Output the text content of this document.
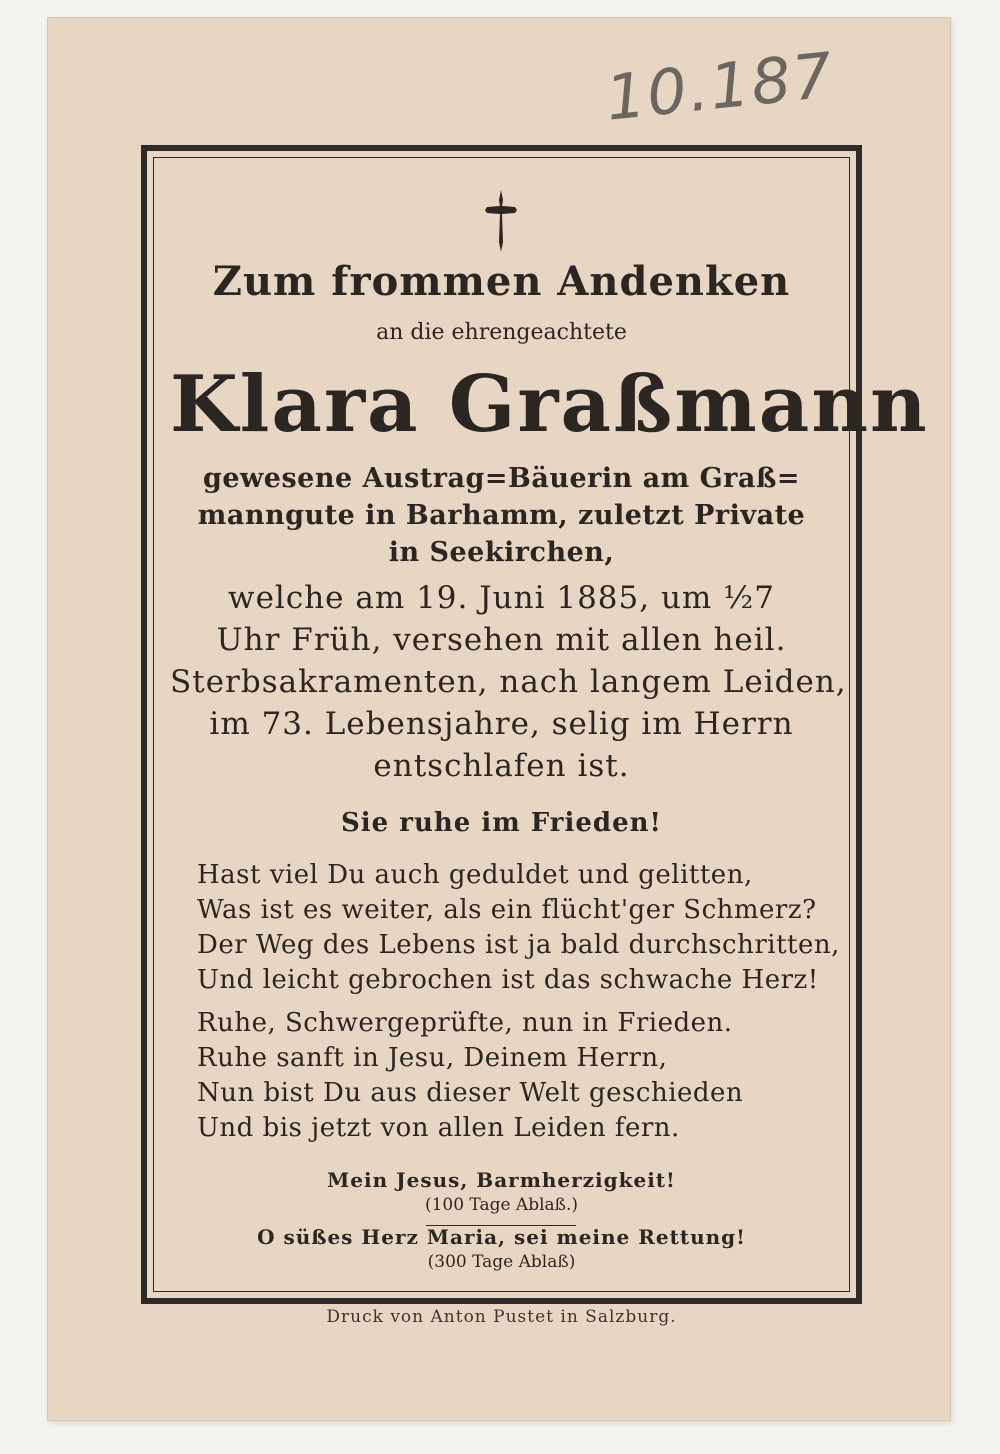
10.187

Zum frommen Andenken

an die ehrengeachtete

Klara Graßmann

gewesene Austrag=Bäuerin am Graß=

manngute in Barhamm, zuletzt Private

in Seekirchen,

welche am 19. Juni 1885, um ½7

Uhr Früh, versehen mit allen heil.

Sterbsakramenten, nach langem Leiden,

im 73. Lebensjahre, selig im Herrn

entschlafen ist.

Sie ruhe im Frieden!

Hast viel Du auch geduldet und gelitten,

Was ist es weiter, als ein flücht'ger Schmerz?

Der Weg des Lebens ist ja bald durchschritten,

Und leicht gebrochen ist das schwache Herz!

Ruhe, Schwergeprüfte, nun in Frieden.

Ruhe sanft in Jesu, Deinem Herrn,

Nun bist Du aus dieser Welt geschieden

Und bis jetzt von allen Leiden fern.

Mein Jesus, Barmherzigkeit!

(100 Tage Ablaß.)

O süßes Herz Maria, sei meine Rettung!

(300 Tage Ablaß)

Druck von Anton Pustet in Salzburg.
